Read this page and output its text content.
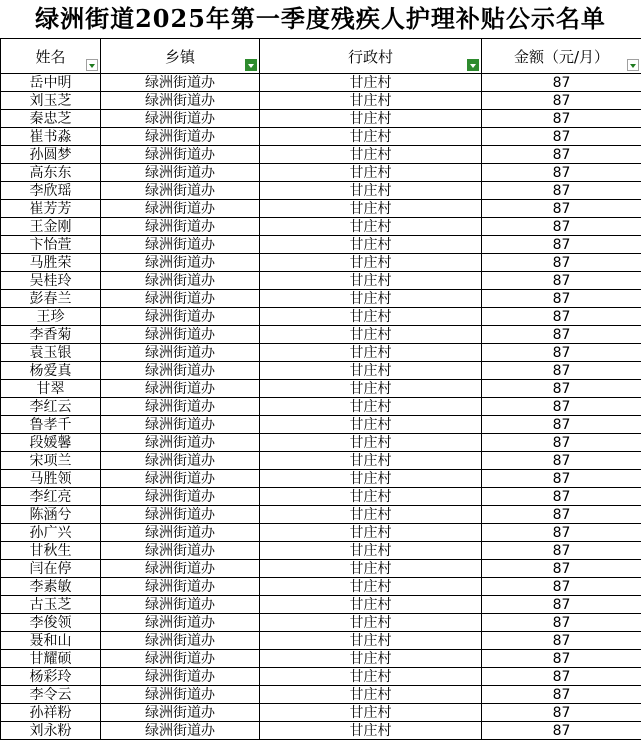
绿洲街道2025年第一季度残疾人护理补贴公示名单
姓名	乡镇	行政村	金额（元/月）

岳中明	绿洲街道办	甘庄村	87
刘玉芝	绿洲街道办	甘庄村	87
秦忠芝	绿洲街道办	甘庄村	87
崔书淼	绿洲街道办	甘庄村	87
孙圆梦	绿洲街道办	甘庄村	87
高东东	绿洲街道办	甘庄村	87
李欣瑶	绿洲街道办	甘庄村	87
崔芳芳	绿洲街道办	甘庄村	87
王金刚	绿洲街道办	甘庄村	87
卞怡萱	绿洲街道办	甘庄村	87
马胜荣	绿洲街道办	甘庄村	87
吴桂玲	绿洲街道办	甘庄村	87
彭春兰	绿洲街道办	甘庄村	87
王珍	绿洲街道办	甘庄村	87
李香菊	绿洲街道办	甘庄村	87
袁玉银	绿洲街道办	甘庄村	87
杨爱真	绿洲街道办	甘庄村	87
甘翠	绿洲街道办	甘庄村	87
李红云	绿洲街道办	甘庄村	87
鲁孝千	绿洲街道办	甘庄村	87
段媛馨	绿洲街道办	甘庄村	87
宋项兰	绿洲街道办	甘庄村	87
马胜领	绿洲街道办	甘庄村	87
李红亮	绿洲街道办	甘庄村	87
陈涵兮	绿洲街道办	甘庄村	87
孙广兴	绿洲街道办	甘庄村	87
甘秋生	绿洲街道办	甘庄村	87
闫在停	绿洲街道办	甘庄村	87
李素敏	绿洲街道办	甘庄村	87
古玉芝	绿洲街道办	甘庄村	87
李俊领	绿洲街道办	甘庄村	87
聂和山	绿洲街道办	甘庄村	87
甘耀硕	绿洲街道办	甘庄村	87
杨彩玲	绿洲街道办	甘庄村	87
李令云	绿洲街道办	甘庄村	87
孙祥粉	绿洲街道办	甘庄村	87
刘永粉	绿洲街道办	甘庄村	87
